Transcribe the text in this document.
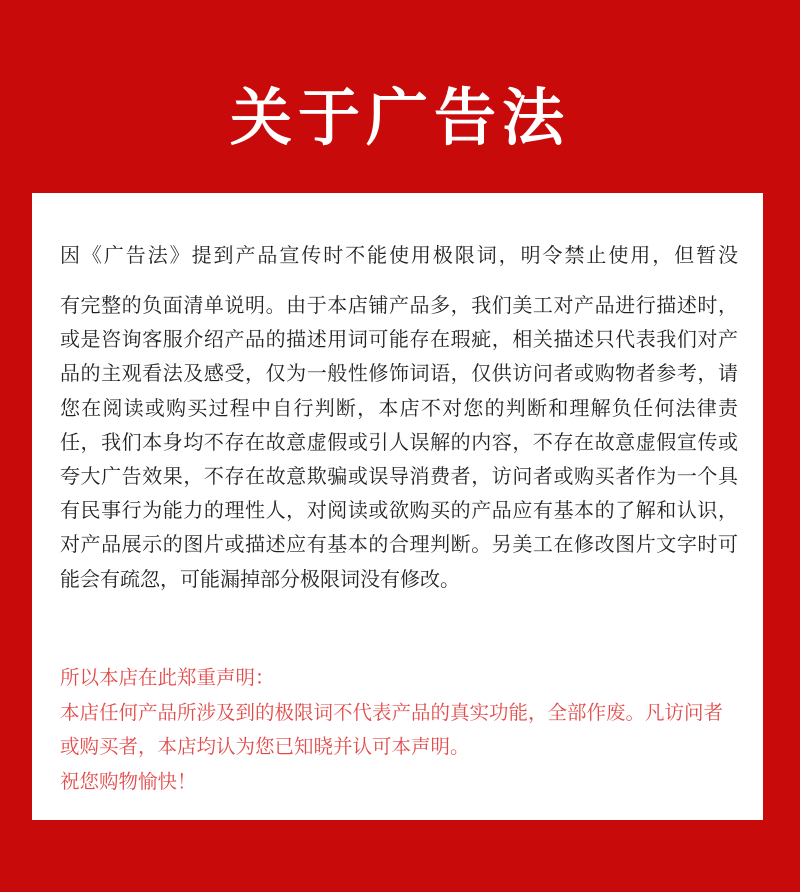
关于广告法
因《广告法》提到产品宣传时不能使用极限词，明令禁止使用，但暂没

有完整的负面清单说明。由于本店铺产品多，我们美工对产品进行描述时，或是咨询客服介绍产品的描述用词可能存在瑕疵，相关描述只代表我们对产品的主观看法及感受，仅为一般性修饰词语，仅供访问者或购物者参考，请您在阅读或购买过程中自行判断，本店不对您的判断和理解负任何法律责任，我们本身均不存在故意虚假或引人误解的内容，不存在故意虚假宣传或夸大广告效果，不存在故意欺骗或误导消费者，访问者或购买者作为一个具有民事行为能力的理性人，对阅读或欲购买的产品应有基本的了解和认识，对产品展示的图片或描述应有基本的合理判断。另美工在修改图片文字时可能会有疏忽，可能漏掉部分极限词没有修改。

所以本店在此郑重声明：
本店任何产品所涉及到的极限词不代表产品的真实功能，全部作废。凡访问者或购买者，本店均认为您已知晓并认可本声明。
祝您购物愉快！
